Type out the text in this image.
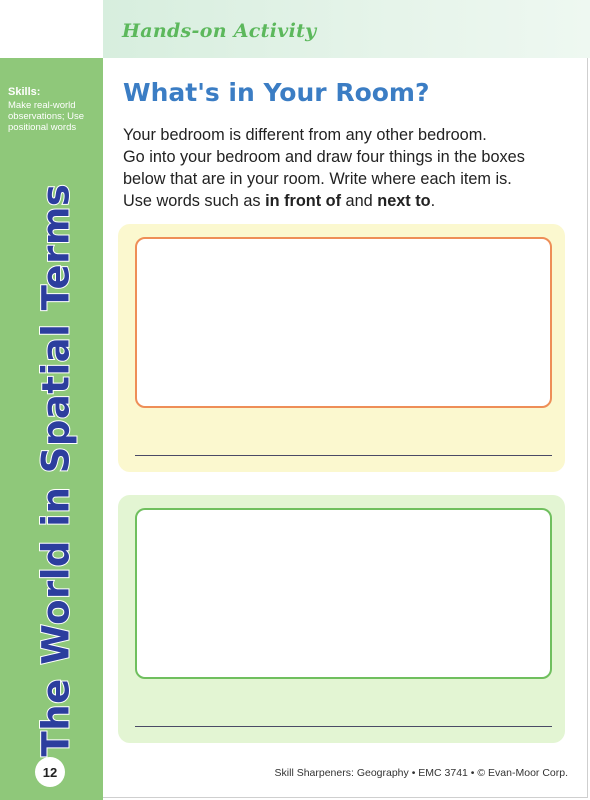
Skills:
Make real-world observations; Use positional words
The World in Spatial Terms
12
Hands-on Activity
What's in Your Room?
Your bedroom is different from any other bedroom.
Go into your bedroom and draw four things in the boxes
below that are in your room. Write where each item is.
Use words such as in front of and next to.
Skill Sharpeners: Geography • EMC 3741 • © Evan-Moor Corp.
